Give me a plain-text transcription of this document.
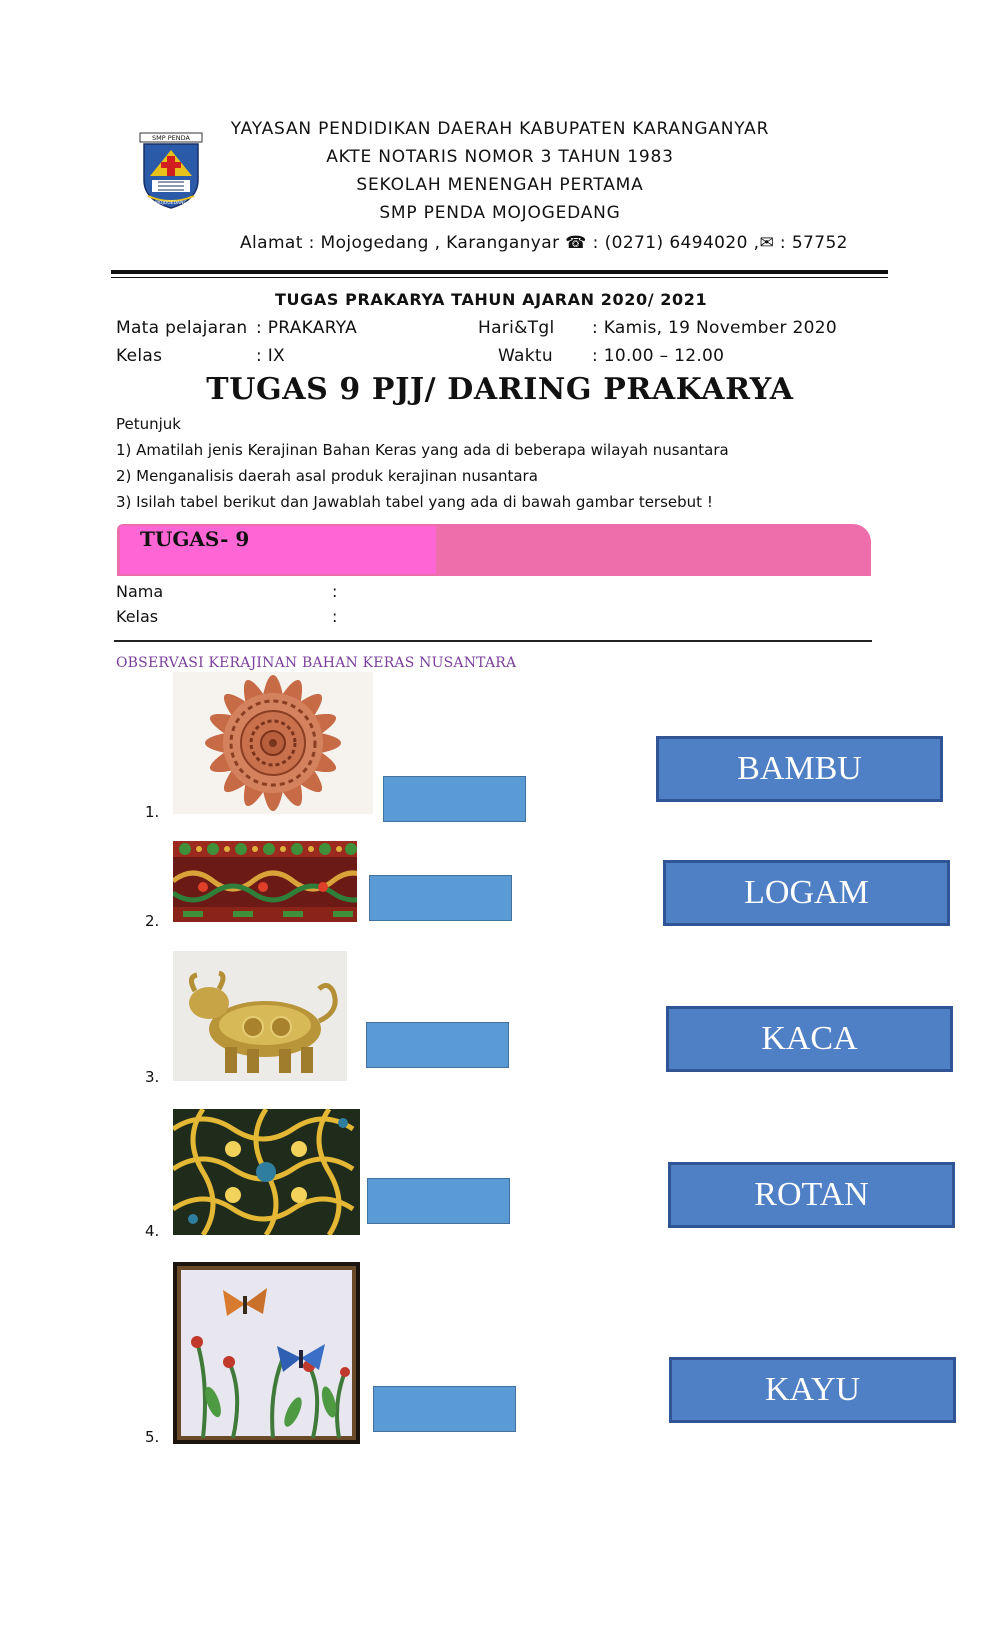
SMP PENDA
MOJOGEDANG
YAYASAN PENDIDIKAN DAERAH KABUPATEN KARANGANYAR
AKTE NOTARIS NOMOR 3 TAHUN 1983
SEKOLAH MENENGAH PERTAMA
SMP PENDA MOJOGEDANG
Alamat : Mojogedang , Karanganyar ☎ : (0271) 6494020 ,✉ : 57752
TUGAS PRAKARYA TAHUN AJARAN 2020/ 2021
Mata pelajaran : PRAKARYA
Kelas	: IX
Hari&Tgl : Kamis, 19 November 2020
Waktu : 10.00 – 12.00
TUGAS 9 PJJ/ DARING PRAKARYA
Petunjuk
1) Amatilah jenis Kerajinan Bahan Keras yang ada di beberapa wilayah nusantara
2) Menganalisis daerah asal produk kerajinan nusantara
3) Isilah tabel berikut dan Jawablah tabel yang ada di bawah gambar tersebut !
TUGAS- 9
Nama	:
Kelas	:
OBSERVASI KERAJINAN BAHAN KERAS NUSANTARA
1.
2.
3.
4.
5.
BAMBU
LOGAM
KACA
ROTAN
KAYU
